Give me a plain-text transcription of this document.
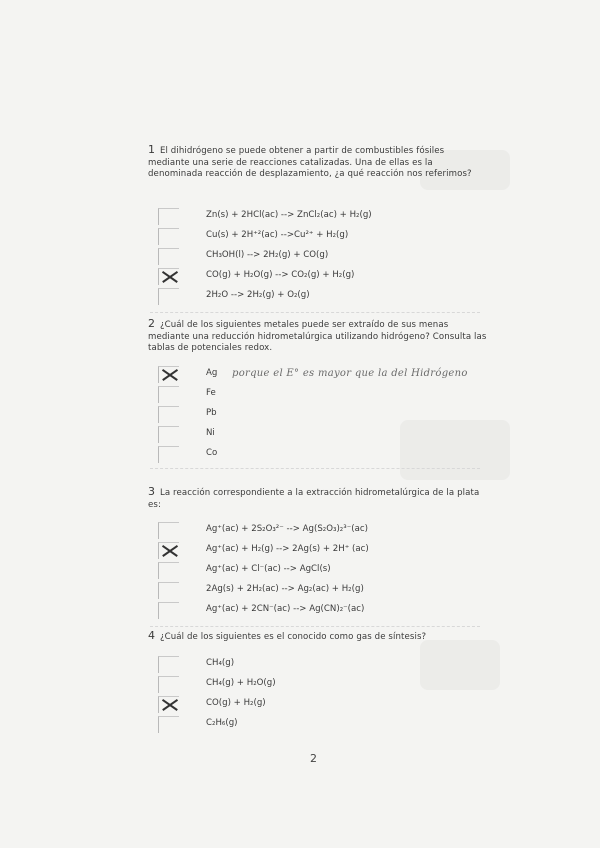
1 El dihidrógeno se puede obtener a partir de combustibles fósiles mediante una serie de reacciones catalizadas. Una de ellas es la denominada reacción de desplazamiento, ¿a qué reacción nos referimos?
Zn(s) + 2HCl(ac) --> ZnCl₂(ac) + H₂(g)
Cu(s) + 2H⁺²(ac) -->Cu²⁺ + H₂(g)
CH₃OH(l) --> 2H₂(g) + CO(g)
CO(g) + H₂O(g) --> CO₂(g) + H₂(g)
2H₂O --> 2H₂(g) + O₂(g)
2 ¿Cuál de los siguientes metales puede ser extraído de sus menas mediante una reducción hidrometalúrgica utilizando hidrógeno? Consulta las tablas de potenciales redox.
Ag porque el E° es mayor que la del Hidrógeno
Fe
Pb
Ni
Co
3 La reacción correspondiente a la extracción hidrometalúrgica de la plata es:
Ag⁺(ac) + 2S₂O₃²⁻ --> Ag(S₂O₃)₂³⁻(ac)
Ag⁺(ac) + H₂(g) --> 2Ag(s) + 2H⁺ (ac)
Ag⁺(ac) + Cl⁻(ac) --> AgCl(s)
2Ag(s) + 2H₂(ac) --> Ag₂(ac) + H₂(g)
Ag⁺(ac) + 2CN⁻(ac) --> Ag(CN)₂⁻(ac)
4 ¿Cuál de los siguientes es el conocido como gas de síntesis?
CH₄(g)
CH₄(g) + H₂O(g)
CO(g) + H₂(g)
C₂H₆(g)
2
